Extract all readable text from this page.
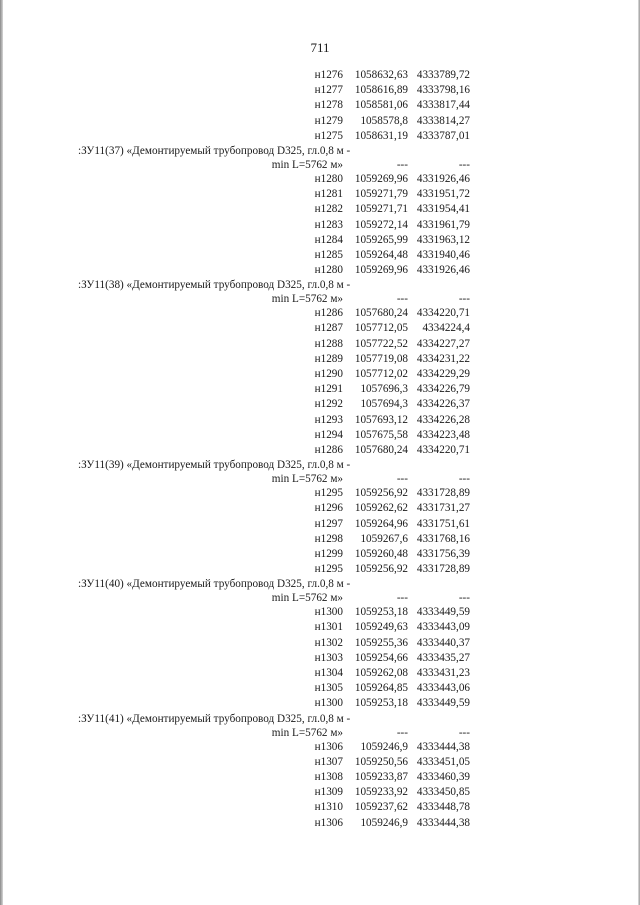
711
н1276 1058632,63 4333789,72
н1277 1058616,89 4333798,16
н1278 1058581,06 4333817,44
н1279 1058578,8 4333814,27
н1275 1058631,19 4333787,01
:ЗУ11(37) «Демонтируемый трубопровод D325, гл.0,8 м -
min L=5762 м»	---	---
н1280 1059269,96 4331926,46
н1281 1059271,79 4331951,72
н1282 1059271,71 4331954,41
н1283 1059272,14 4331961,79
н1284 1059265,99 4331963,12
н1285 1059264,48 4331940,46
н1280 1059269,96 4331926,46
:ЗУ11(38) «Демонтируемый трубопровод D325, гл.0,8 м -
min L=5762 м»	---	---
н1286 1057680,24 4334220,71
н1287 1057712,05 4334224,4
н1288 1057722,52 4334227,27
н1289 1057719,08 4334231,22
н1290 1057712,02 4334229,29
н1291 1057696,3 4334226,79
н1292 1057694,3 4334226,37
н1293 1057693,12 4334226,28
н1294 1057675,58 4334223,48
н1286 1057680,24 4334220,71
:ЗУ11(39) «Демонтируемый трубопровод D325, гл.0,8 м -
min L=5762 м»	---	---
н1295 1059256,92 4331728,89
н1296 1059262,62 4331731,27
н1297 1059264,96 4331751,61
н1298 1059267,6 4331768,16
н1299 1059260,48 4331756,39
н1295 1059256,92 4331728,89
:ЗУ11(40) «Демонтируемый трубопровод D325, гл.0,8 м -
min L=5762 м»	---	---
н1300 1059253,18 4333449,59
н1301 1059249,63 4333443,09
н1302 1059255,36 4333440,37
н1303 1059254,66 4333435,27
н1304 1059262,08 4333431,23
н1305 1059264,85 4333443,06
н1300 1059253,18 4333449,59
:ЗУ11(41) «Демонтируемый трубопровод D325, гл.0,8 м -
min L=5762 м»	---	---
н1306 1059246,9 4333444,38
н1307 1059250,56 4333451,05
н1308 1059233,87 4333460,39
н1309 1059233,92 4333450,85
н1310 1059237,62 4333448,78
н1306 1059246,9 4333444,38
